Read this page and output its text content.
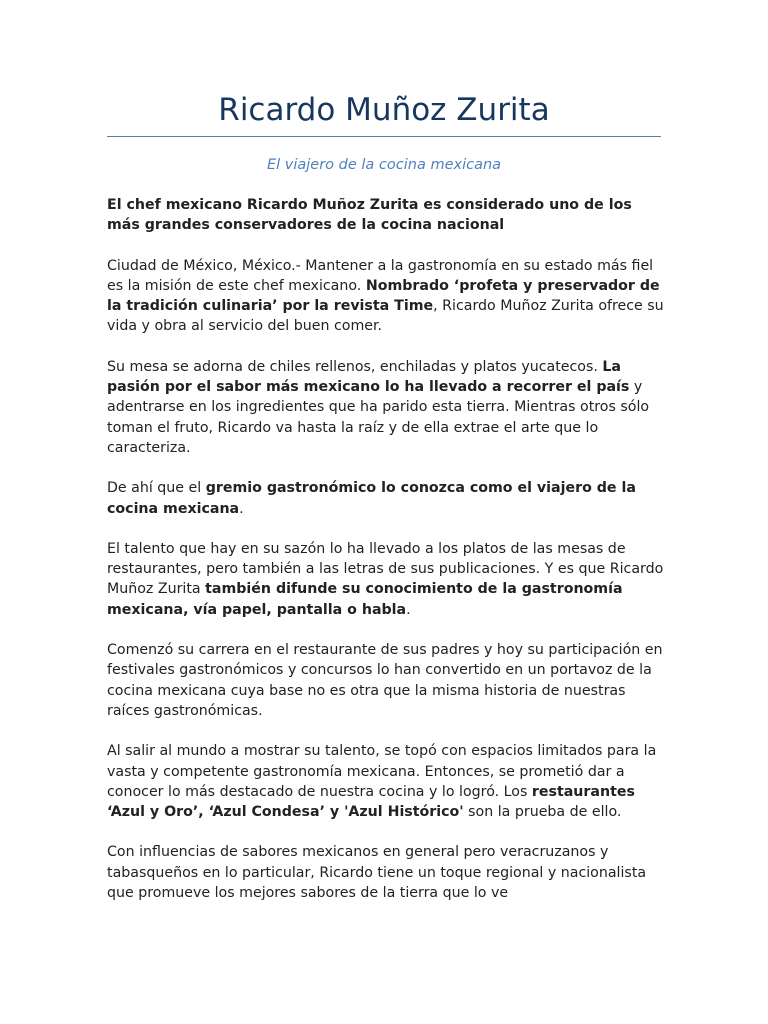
Ricardo Muñoz Zurita

El viajero de la cocina mexicana

El chef mexicano Ricardo Muñoz Zurita es considerado uno de los más grandes conservadores de la cocina nacional

Ciudad de México, México.- Mantener a la gastronomía en su estado más fiel es la misión de este chef mexicano. Nombrado ‘profeta y preservador de la tradición culinaria’ por la revista Time, Ricardo Muñoz Zurita ofrece su vida y obra al servicio del buen comer.

Su mesa se adorna de chiles rellenos, enchiladas y platos yucatecos. La pasión por el sabor más mexicano lo ha llevado a recorrer el país y adentrarse en los ingredientes que ha parido esta tierra. Mientras otros sólo toman el fruto, Ricardo va hasta la raíz y de ella extrae el arte que lo caracteriza.

De ahí que el gremio gastronómico lo conozca como el viajero de la cocina mexicana.

El talento que hay en su sazón lo ha llevado a los platos de las mesas de restaurantes, pero también a las letras de sus publicaciones. Y es que Ricardo Muñoz Zurita también difunde su conocimiento de la gastronomía mexicana, vía papel, pantalla o habla.

Comenzó su carrera en el restaurante de sus padres y hoy su participación en festivales gastronómicos y concursos lo han convertido en un portavoz de la cocina mexicana cuya base no es otra que la misma historia de nuestras raíces gastronómicas.

Al salir al mundo a mostrar su talento, se topó con espacios limitados para la vasta y competente gastronomía mexicana. Entonces, se prometió dar a conocer lo más destacado de nuestra cocina y lo logró. Los restaurantes ‘Azul y Oro’, ‘Azul Condesa’ y 'Azul Histórico' son la prueba de ello.

Con influencias de sabores mexicanos en general pero veracruzanos y tabasqueños en lo particular, Ricardo tiene un toque regional y nacionalista que promueve los mejores sabores de la tierra que lo ve
